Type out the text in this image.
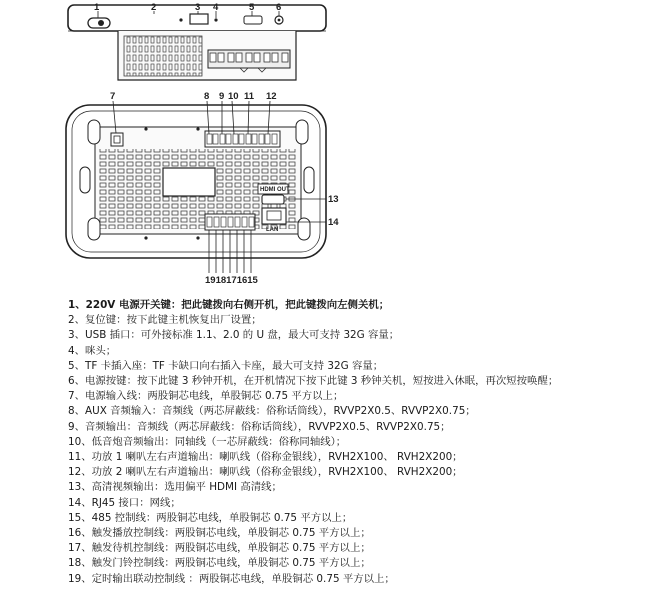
1	2	3 4	5 6
HDMI OUT
LAN
7	8 9 10 11 12
13
14
1918171615
1、220V 电源开关键：把此键拨向右侧开机，把此键拨向左侧关机；
2、复位键：按下此键主机恢复出厂设置；
3、USB 插口：可外接标准 1.1、2.0 的 U 盘，最大可支持 32G 容量；
4、咪头；
5、TF 卡插入座：TF 卡缺口向右插入卡座，最大可支持 32G 容量；
6、电源按键：按下此键 3 秒钟开机，在开机情况下按下此键 3 秒钟关机，短按进入休眠，再次短按唤醒；
7、电源输入线：两股铜芯电线，单股铜芯 0.75 平方以上；
8、AUX 音频输入：音频线（两芯屏蔽线：俗称话筒线），RVVP2X0.5、RVVP2X0.75；
9、音频输出：音频线（两芯屏蔽线：俗称话筒线），RVVP2X0.5、RVVP2X0.75；
10、低音炮音频输出：同轴线（一芯屏蔽线：俗称同轴线）；
11、功放 1 喇叭左右声道输出：喇叭线（俗称金银线），RVH2X100、 RVH2X200；
12、功放 2 喇叭左右声道输出：喇叭线（俗称金银线），RVH2X100、 RVH2X200；
13、高清视频输出：选用偏平 HDMI 高清线；
14、RJ45 接口：网线；
15、485 控制线：两股铜芯电线，单股铜芯 0.75 平方以上；
16、触发播放控制线：两股铜芯电线，单股铜芯 0.75 平方以上；
17、触发待机控制线：两股铜芯电线，单股铜芯 0.75 平方以上；
18、触发门铃控制线：两股铜芯电线，单股铜芯 0.75 平方以上；
19、定时输出联动控制线 ：两股铜芯电线，单股铜芯 0.75 平方以上；
